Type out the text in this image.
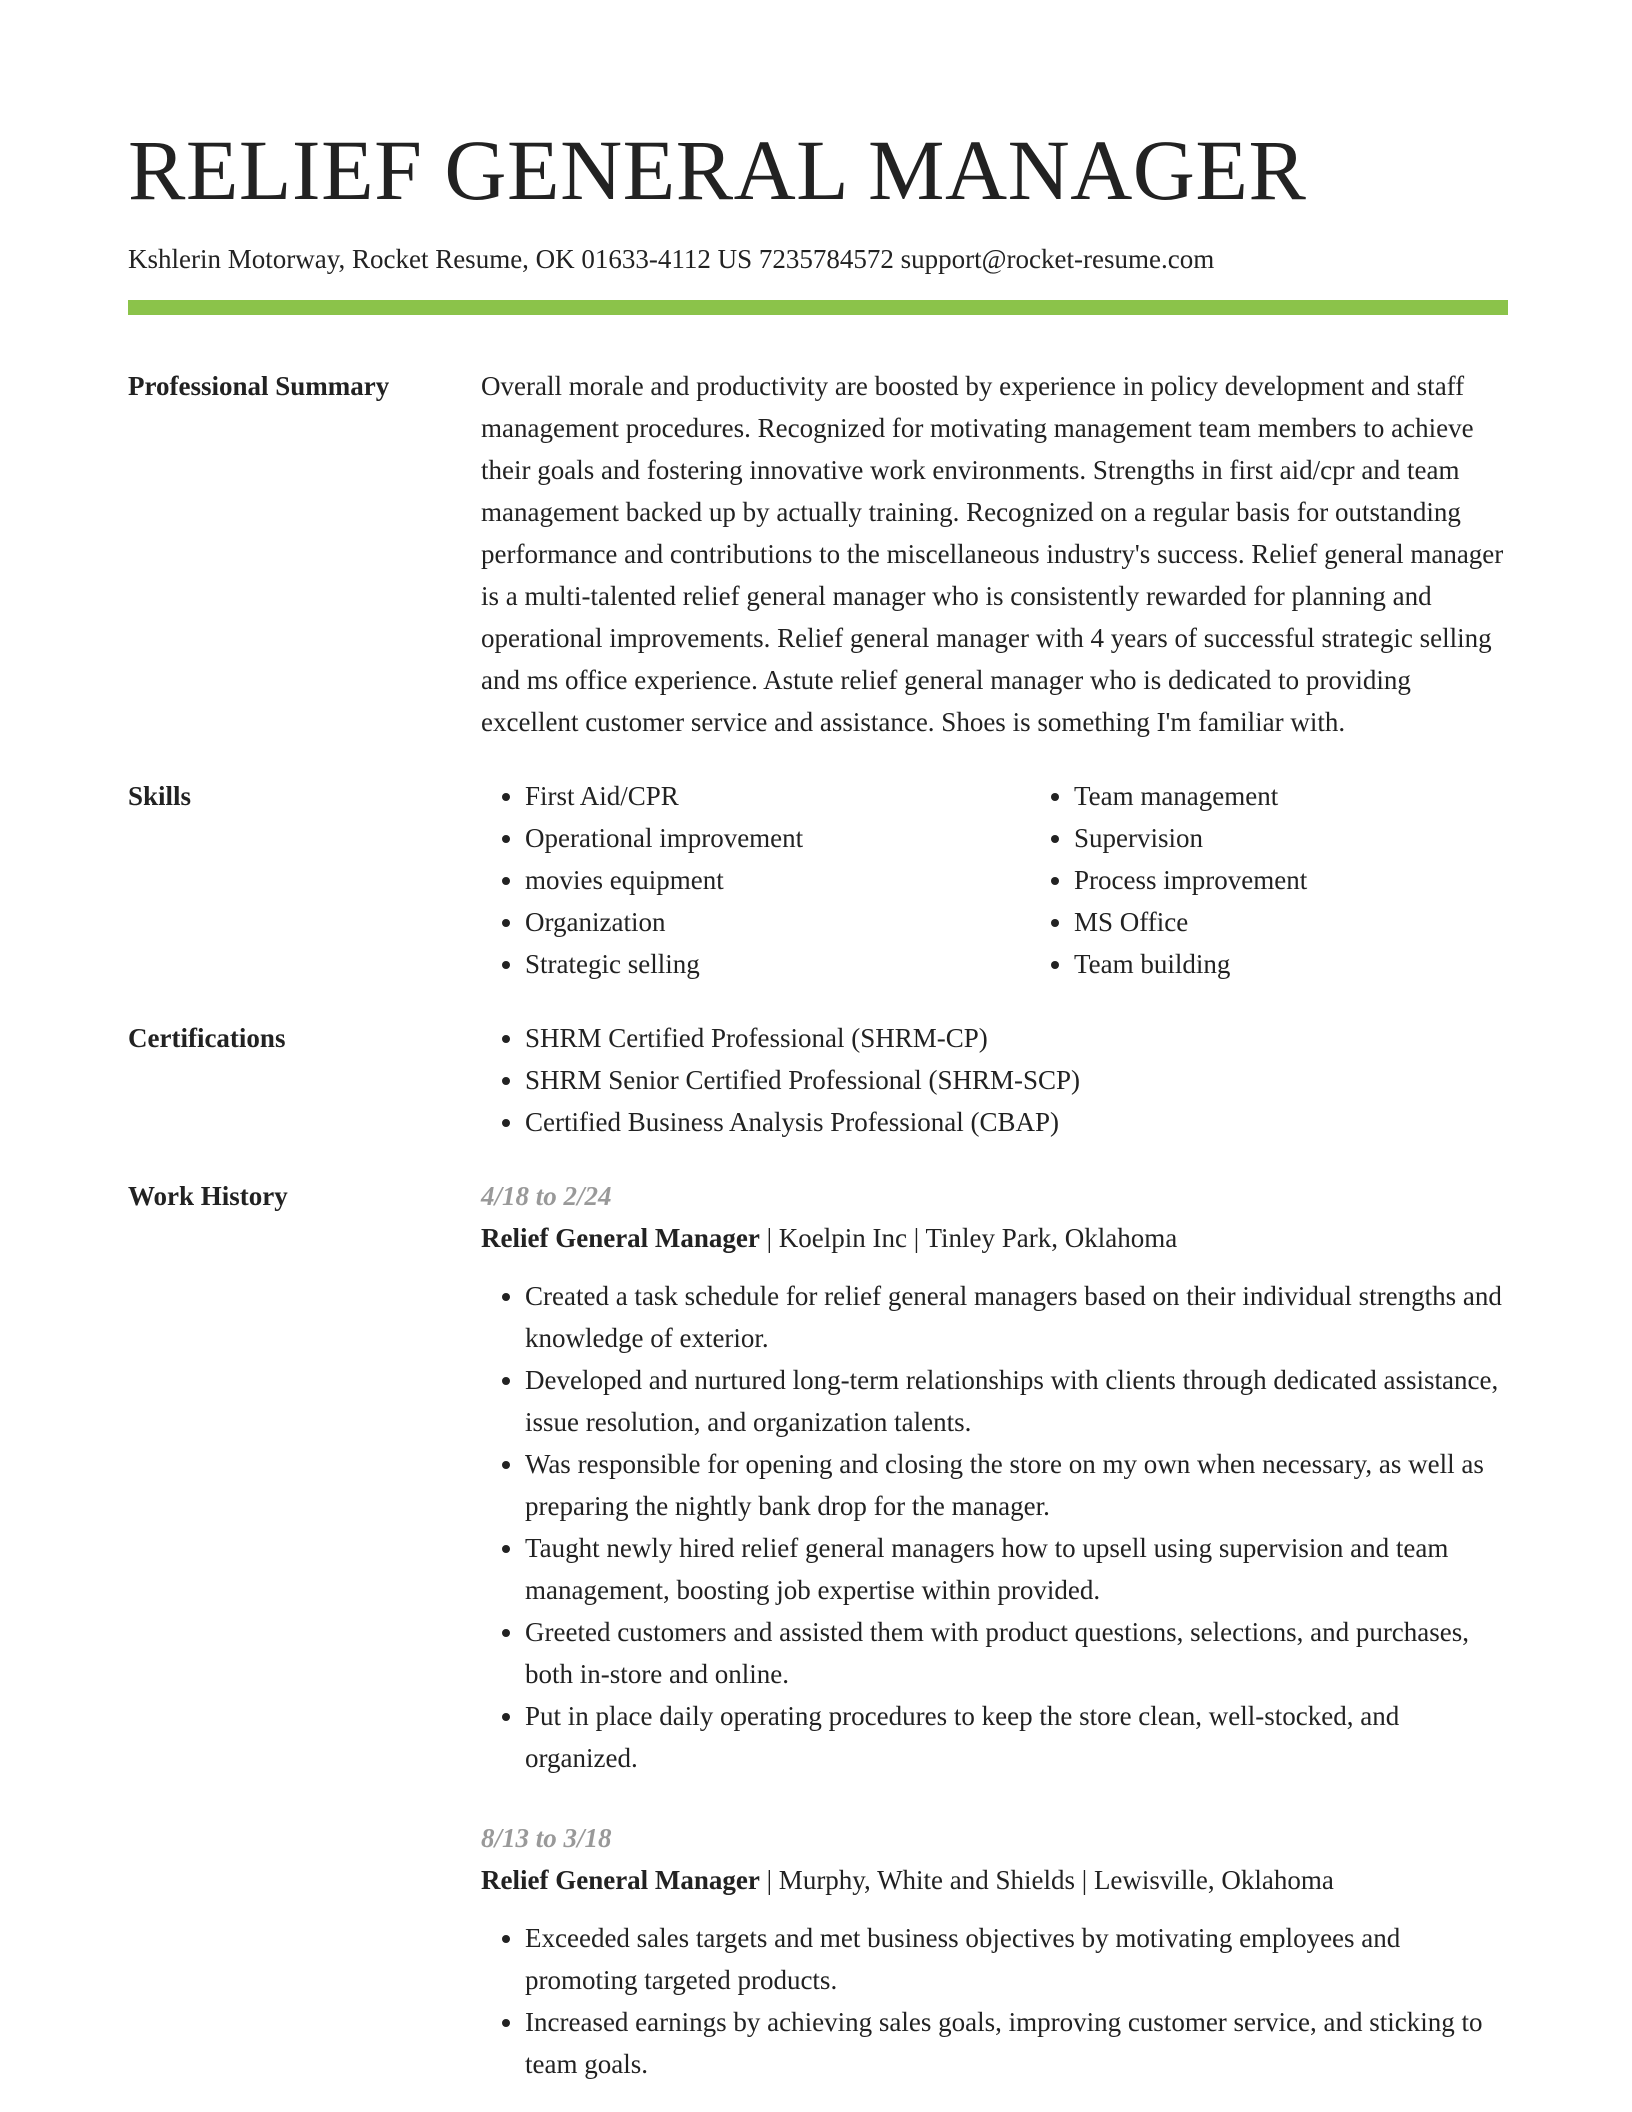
RELIEF GENERAL MANAGER
Kshlerin Motorway, Rocket Resume, OK 01633-4112 US 7235784572 support@rocket-resume.com
Professional Summary	Overall morale and productivity are boosted by experience in policy development and staff management procedures. Recognized for motivating management team members to achieve their goals and fostering innovative work environments. Strengths in first aid/cpr and team management backed up by actually training. Recognized on a regular basis for outstanding performance and contributions to the miscellaneous industry's success. Relief general manager is a multi-talented relief general manager who is consistently rewarded for planning and operational improvements. Relief general manager with 4 years of successful strategic selling and ms office experience. Astute relief general manager who is dedicated to providing excellent customer service and assistance. Shoes is something I'm familiar with.

Skills	• First Aid/CPR
• Operational improvement
• movies equipment
• Organization
• Strategic selling
• Team management
• Supervision
• Process improvement
• MS Office
• Team building
Certifications	• SHRM Certified Professional (SHRM-CP)
• SHRM Senior Certified Professional (SHRM-SCP)
• Certified Business Analysis Professional (CBAP)
Work History	4/18 to 2/24
Relief General Manager | Koelpin Inc | Tinley Park, Oklahoma
• Created a task schedule for relief general managers based on their individual strengths and knowledge of exterior.
• Developed and nurtured long-term relationships with clients through dedicated assistance, issue resolution, and organization talents.
• Was responsible for opening and closing the store on my own when necessary, as well as preparing the nightly bank drop for the manager.
• Taught newly hired relief general managers how to upsell using supervision and team management, boosting job expertise within provided.
• Greeted customers and assisted them with product questions, selections, and purchases, both in-store and online.
• Put in place daily operating procedures to keep the store clean, well-stocked, and organized.
8/13 to 3/18
Relief General Manager | Murphy, White and Shields | Lewisville, Oklahoma
• Exceeded sales targets and met business objectives by motivating employees and promoting targeted products.
• Increased earnings by achieving sales goals, improving customer service, and sticking to team goals.
